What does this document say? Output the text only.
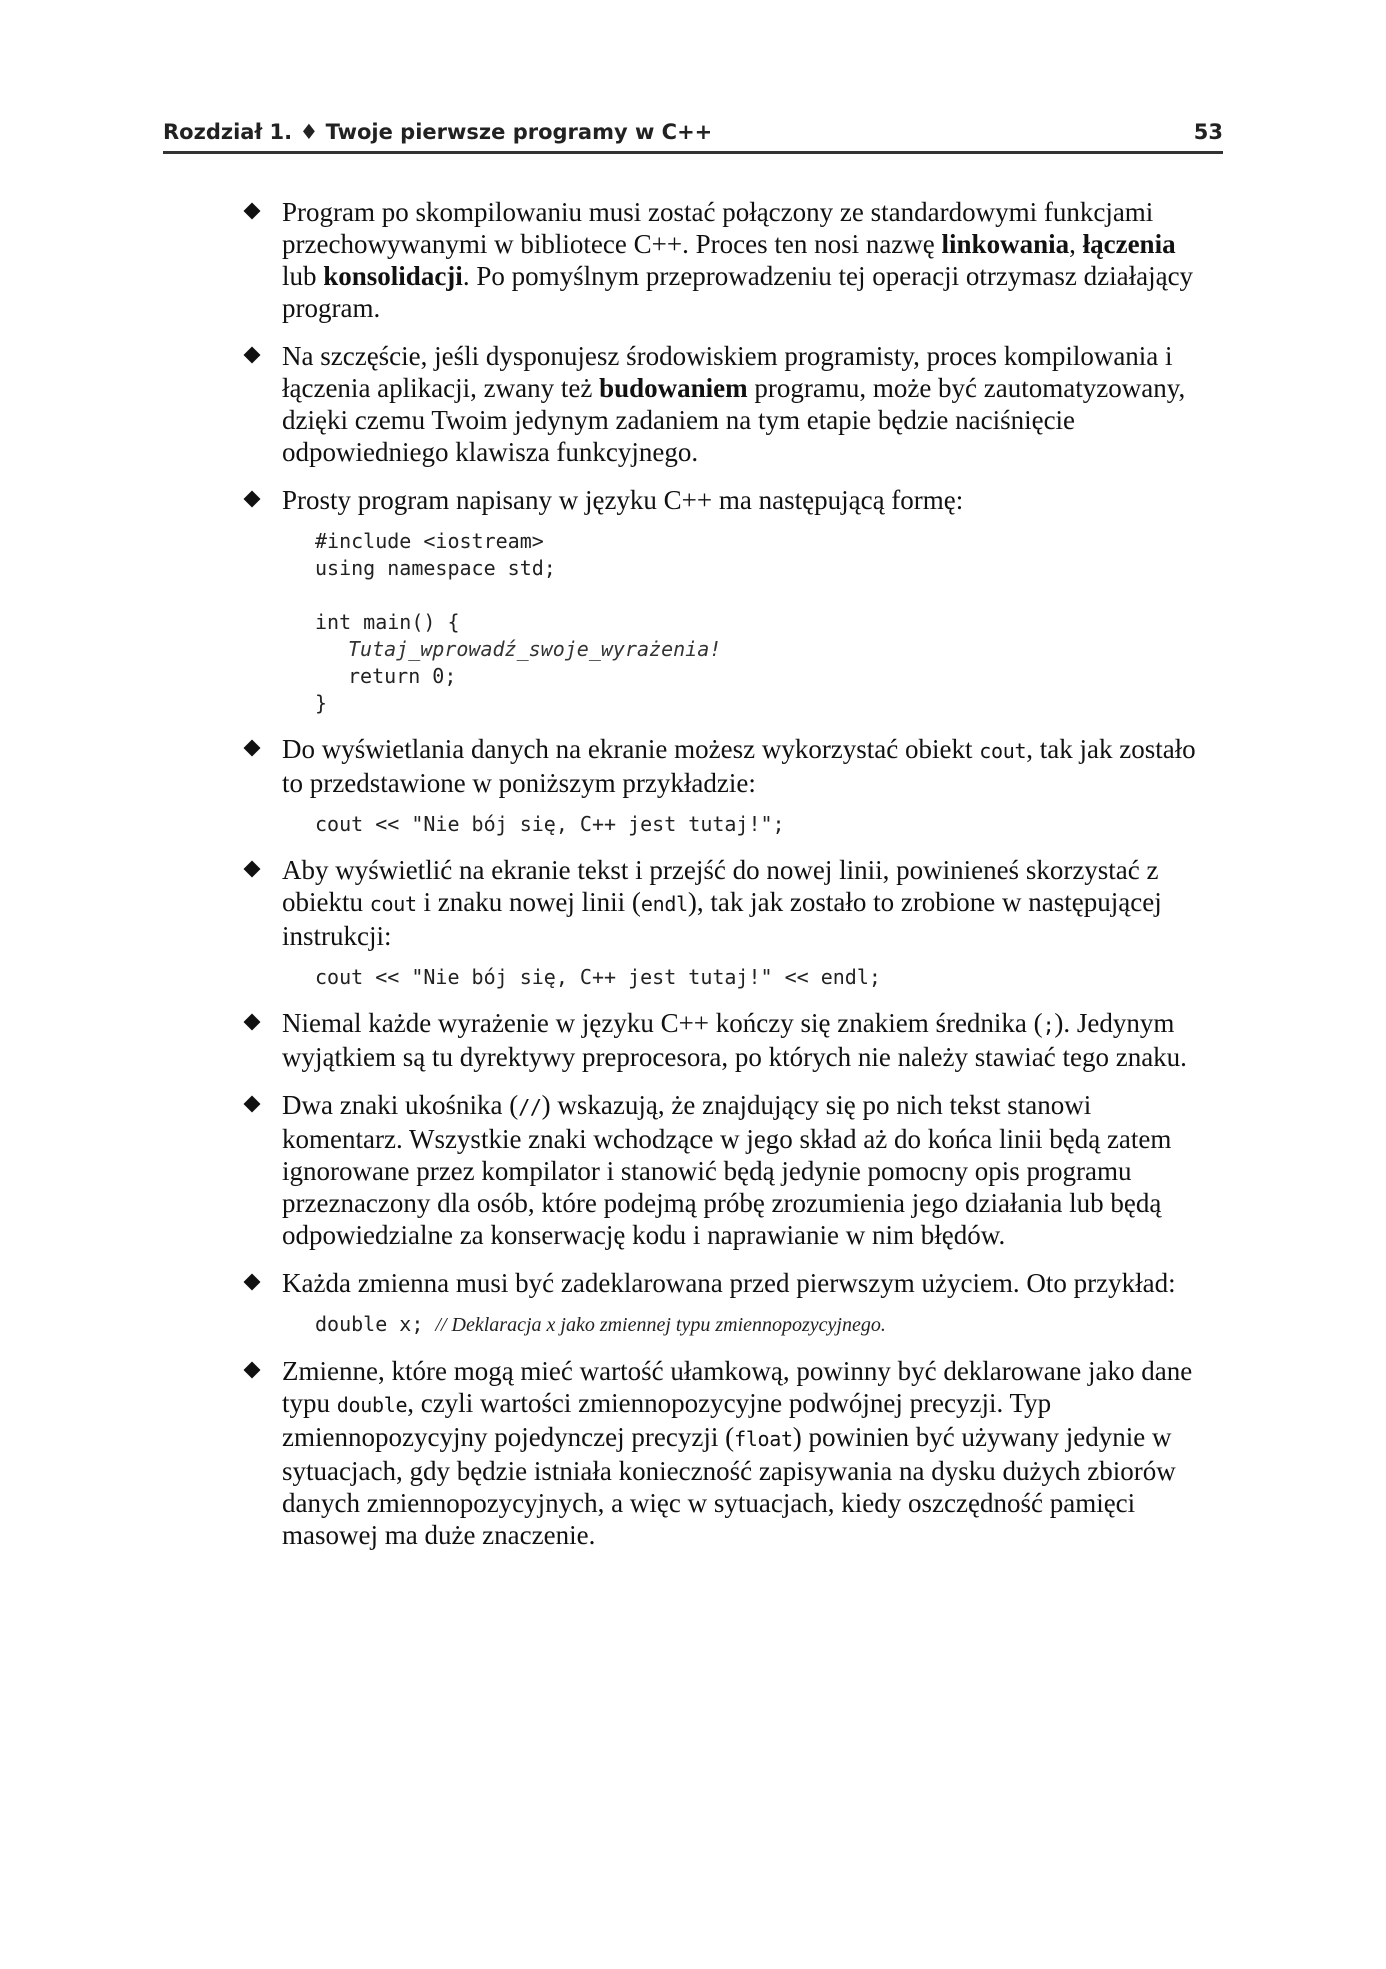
Rozdział 1. ♦ Twoje pierwsze programy w C++	53

Program po skompilowaniu musi zostać połączony ze standardowymi funkcjami przechowywanymi w bibliotece C++. Proces ten nosi nazwę linkowania, łączenia lub konsolidacji. Po pomyślnym przeprowadzeniu tej operacji otrzymasz działający program.

Na szczęście, jeśli dysponujesz środowiskiem programisty, proces kompilowania i łączenia aplikacji, zwany też budowaniem programu, może być zautomatyzowany, dzięki czemu Twoim jedynym zadaniem na tym etapie będzie naciśnięcie odpowiedniego klawisza funkcyjnego.

Prosty program napisany w języku C++ ma następującą formę:

#include <iostream>
using namespace std;
int main() {
Tutaj_wprowadź_swoje_wyrażenia!
return 0;
}

Do wyświetlania danych na ekranie możesz wykorzystać obiekt cout, tak jak zostało to przedstawione w poniższym przykładzie:

cout << "Nie bój się, C++ jest tutaj!";

Aby wyświetlić na ekranie tekst i przejść do nowej linii, powinieneś skorzystać z obiektu cout i znaku nowej linii (endl), tak jak zostało to zrobione w następującej instrukcji:

cout << "Nie bój się, C++ jest tutaj!" << endl;

Niemal każde wyrażenie w języku C++ kończy się znakiem średnika (;). Jedynym wyjątkiem są tu dyrektywy preprocesora, po których nie należy stawiać tego znaku.

Dwa znaki ukośnika (//) wskazują, że znajdujący się po nich tekst stanowi komentarz. Wszystkie znaki wchodzące w jego skład aż do końca linii będą zatem ignorowane przez kompilator i stanowić będą jedynie pomocny opis programu przeznaczony dla osób, które podejmą próbę zrozumienia jego działania lub będą odpowiedzialne za konserwację kodu i naprawianie w nim błędów.

Każda zmienna musi być zadeklarowana przed pierwszym użyciem. Oto przykład:

double x; // Deklaracja x jako zmiennej typu zmiennopozycyjnego.

Zmienne, które mogą mieć wartość ułamkową, powinny być deklarowane jako dane typu double, czyli wartości zmiennopozycyjne podwójnej precyzji. Typ zmiennopozycyjny pojedynczej precyzji (float) powinien być używany jedynie w sytuacjach, gdy będzie istniała konieczność zapisywania na dysku dużych zbiorów danych zmiennopozycyjnych, a więc w sytuacjach, kiedy oszczędność pamięci masowej ma duże znaczenie.
